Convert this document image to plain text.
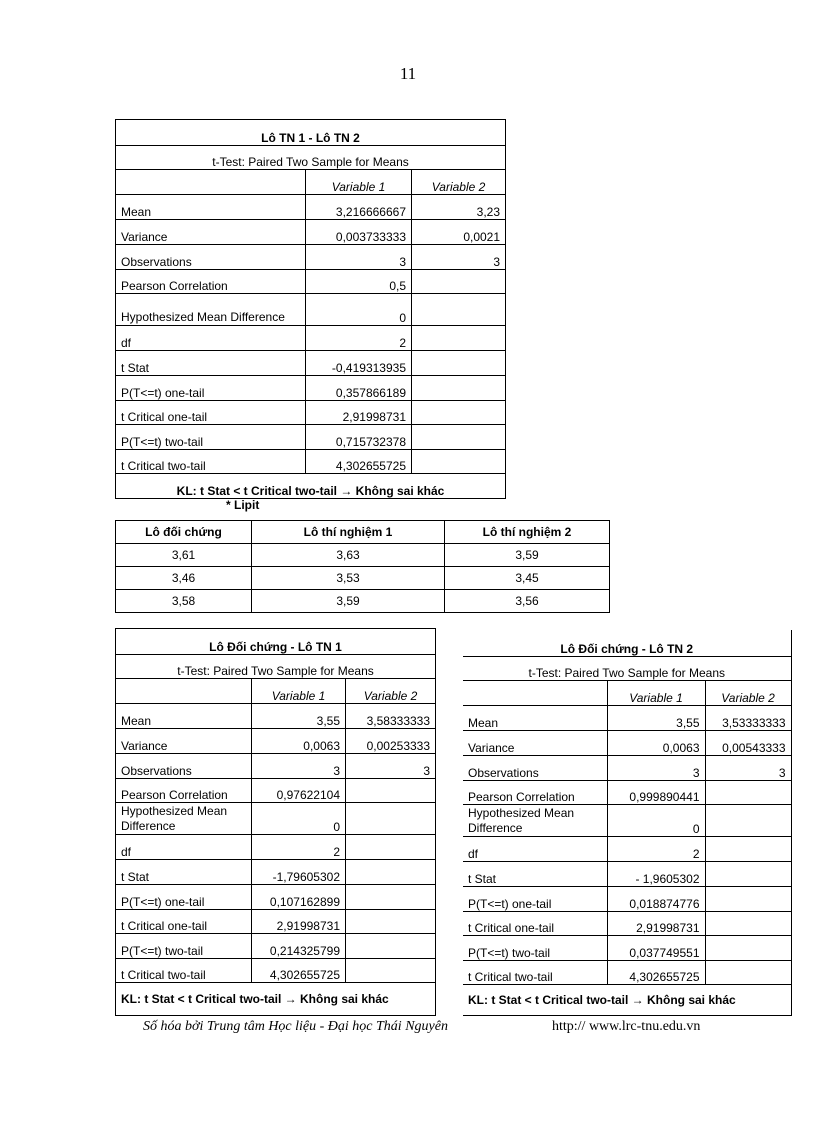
11
Lô TN 1 - Lô TN 2		
t-Test: Paired Two Sample for Means		
	Variable 1	Variable 2
Mean	3,216666667	3,23
Variance	0,003733333	0,0021
Observations	3	3
Pearson Correlation	0,5	
Hypothesized Mean Difference	0	
df	2	
t Stat	-0,419313935	
P(T<=t) one-tail	0,357866189	
t Critical one-tail	2,91998731	
P(T<=t) two-tail	0,715732378	
t Critical two-tail	4,302655725	
KL: t Stat < t Critical two-tail → Không sai khác		
* Lipit
Lô đối chứng	Lô thí nghiệm 1	Lô thí nghiệm 2
3,61	3,63	3,59
3,46	3,53	3,45
3,58	3,59	3,56
Lô Đối chứng - Lô TN 1		
t-Test: Paired Two Sample for Means		
	Variable 1	Variable 2
Mean	3,55	3,58333333
Variance	0,0063	0,00253333
Observations	3	3
Pearson Correlation	0,97622104	
Hypothesized Mean Difference	0	
df	2	
t Stat	-1,79605302	
P(T<=t) one-tail	0,107162899	
t Critical one-tail	2,91998731	
P(T<=t) two-tail	0,214325799	
t Critical two-tail	4,302655725	
KL: t Stat < t Critical two-tail → Không sai khác		
Lô Đối chứng - Lô TN 2		
t-Test: Paired Two Sample for Means		
	Variable 1	Variable 2
Mean	3,55	3,53333333
Variance	0,0063	0,00543333
Observations	3	3
Pearson Correlation	0,999890441	
Hypothesized Mean Difference	0	
df	2	
t Stat	- 1,9605302	
P(T<=t) one-tail	0,018874776	
t Critical one-tail	2,91998731	
P(T<=t) two-tail	0,037749551	
t Critical two-tail	4,302655725	
KL: t Stat < t Critical two-tail → Không sai khác		
Số hóa bởi Trung tâm Học liệu - Đại học Thái Nguyên	http:// www.lrc-tnu.edu.vn
